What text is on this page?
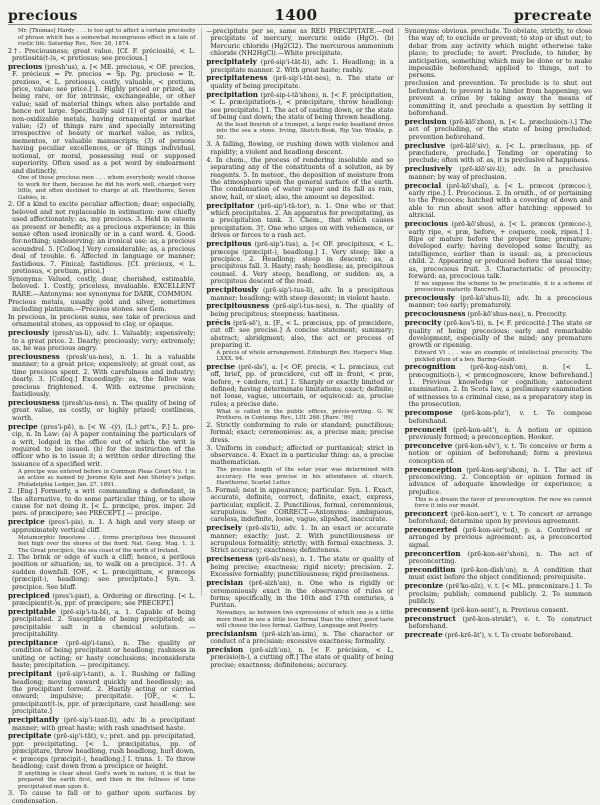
precious	1400	precreate
Mr. [Thomas] Hardy . . . is too apt to affect a certain preciosity of phrase which has a somewhat incongruous effect in a tale of rustic life. Saturday Rev., Nov. 28, 1874.
2†. Preciousness; great value. [Cf. F. préciosité, < L. pretiositá(t-)s, < pretiosus; see precious.]
precious (presh'us), a. [< ME. precious, < OF. precios, F. précieux = Pr. precios = Sp. Pg. precioso = It. prezioso, < L. pretiosus, costly, valuable, < pretium, price, value: see price.] 1. Highly priced or prized, as being rare, or for intrinsic, exchangeable, or other value; said of material things when also portable and hence not large. Specifically said (1) of gems and the non-oxidizable metals, having ornamental or market value; (2) of things rare and specially interesting irrespective of beauty or market value, as relics, mementos, or valuable manuscripts; (3) of persons having peculiar excellences, or of things individual, notional, or moral, possessing real or supposed superiority. Often used as a pet word by endearment and distinctly.
One of those precious men . . . whom everybody would choose to work for them, because he did his work well, charged very little, and often declined to charge at all. Hawthorne, Seven Gables, ix.
2. Of a kind to excite peculiar affection; dear; especially, beloved and not replaceable in estimation: now chiefly used affectionately: as, my precious. 3. Held in esteem as present or benefit; as a precious experience; in this sense often used ironically or in a cant word. 4. Good-for-nothing; undeserving; an ironical use: as, a precious scoundrel. 5. [Colloq.] Very considerable; as, a precious deal of trouble. 6. Affected in language or manner; fastidious. 7. Finical; fastidious. [Cf. précieux, < L. pretiosus, < pretium, price.]
Synonyms: Valued, costly, dear, cherished, estimable, beloved. 1. Costly, priceless, invaluable. EXCELLENT RARE.—Antonyms: see synonyms for DARK, COMMON.
Precious metals, usually gold and silver, sometimes including platinum.—Precious stones. see Gem.
In precious, in precious sums, see take of precious and ornamental stones, as opposed to clay, or opaque.
preciously (presh'us-li), adv. 1. Valuably; expensively; to a great price. 2. Dearly; preciously; very; extremely; as, he was precious angry.
preciousness (presh'us-nes), n. 1. In a valuable manner; to a great price; expensively; at great cost, as time precious spent. 2. With carefulness and industry; dearly. 3. [Colloq.] Exceedingly: as, the fellow was precious frightened. 4. With extreme precision; fastidiously.
preciousness (presh'us-nes), n. The quality of being of great value, as costly, or highly prized; costliness, worth.
precipe (pres'i-pē), n. [< W. -(ý), (L.) prt's., F.] L. pre-cip, n. In Law: (a) A paper containing the particulars of a writ, lodged in the office out of which the writ is required to be issued. (b) for the instruction of the officer who is to issue it; a written order directing the issuance of a specified writ.
A precipe was entered before in Common Pleas Court No. 1 in an action as named by Jerome Kyle and Ann Shirley's judge. Philadelphia Ledger, Jan. 27, 1891.
2. [Eng.] Formerly, a writ commanding a defendant, in the alternative, to do some particular thing, or to show cause for not doing it. [< L. præcipe, pres. imper. 2d pers. of præcipere; see PRECEPT.] — precipe.
precipice (pres'i-pis), n. 1. A high and very steep or approximately vertical cliff.
Metamorphic limestone . . . forms precipitous two thousand feet high over the shores of the fiord. Nat. Geog. Mag. 1. 3. The Great precipice, the sea coast of the north of Ireland.
2. The brink or edge of such a cliff; hence, a perilous position or situation; as, to walk on a precipice. 3†. A sudden downfall. [OF., < L. præcipitium, < præceps (præcipit-), headlong: see precipitate.] Syn. 3. precipice. See bluff.
precipiced (pres'i-pist), a. Ordering or directing. [< L. præcipient(t-)s, ppr. of præcipere, see PRECEPT.]
precipitable (prē-sip'i-ta-bl), a. 1. Capable of being precipitated. 2. Susceptible of being precipitated; as precipitable salt in a chemical solution. — precipitability.
precipitance (prē-sip'i-tans), n. The quality or condition of being precipitant or headlong; rashness in uniting or acting; or hasty conclusions; inconsiderate haste; precipitation. — precipitancy.
precipitant (prē-sip'i-tant), a. 1. Rushing or falling headlong; moving onward quickly and heedlessly; as, the precipitant torrent. 2. Hastily acting or carried onward; impulsive; precipitate. [OF., < L. præcipitant(t-)s, ppr. of præcipitare, cast headlong: see precipitate.]
precipitantly (prē-sip'i-tant-li), adv. In a precipitant manner; with great haste; with rash unadvised haste.
precipitate (prē-sip'i-tāt), v.; pret. and pp. precipitated, ppr. precipitating. [< L. præcipitatus, pp. of præcipitare, throw headlong, rush headlong, hurl down, < præceps (præcipit-), headlong.] I. trans. 1. To throw headlong; cast down from a precipice or height.
If anything is clear about God's work in nature, it is that he prepared the earth first, and then in the fullness of time precipitated man upon it.
3. To cause to fall or to gather upon surfaces by condensation.
—precipitate per se, same as RED PRECIPITATE.—red precipitate of mercury, mercuric oxide (HgO). (b) Mercuric chloride (Hg2Cl2). The mercurous ammonium chloride (NH2HgCl).—White precipitate.
precipitately (prē-sip'i-tāt-li), adv. 1. Headlong; in a precipitate manner. 2. With great haste; rashly.
precipitateness (prē-sip'i-tāt-nes), n. The state or quality of being precipitate.
precipitation (prē-sip-i-tā'shon), n. [< F. précipitation, < L. præcipitatio(n-), < præcipitare, throw headlong: see precipitate.] 1. The act of casting down, or the state of being cast down; the state of being thrown headlong.
At the loud flourish of a trumpet, a large rocky headland drove into the sea a stone. Irving, Sketch-Book, Rip Van Winkle, p. 50.
3. A falling, flowing, or rushing down with violence and rapidity; a violent and headlong descent.
4. In chem., the process of rendering insoluble and so separating any of the constituents of a solution, as by reagents. 5. In meteor., the deposition of moisture from the atmosphere upon the general surface of the earth. The condensation of water vapor and its fall as rain, snow, hail, or sleet; also, the amount so deposited.
precipitator (prē-sip'i-tā-tor), n. 1. One who or that which precipitates. 2. An apparatus for precipitating, as a precipitation tank. 3. Chem., that which causes precipitation. 3†. One who urges on with vehemence, or drives or forces to a rash act.
precipitous (prē-sip'i-tus), a. [< OF. precipiteux, < L. præceps (præcipit-), headlong.] 1. Very steep; like a precipice. 2. Headlong; steep in descent; as, a precipitous fall. 3. Hasty; rash; heedless; as, precipitous counsel. 4. Very steep, headlong, or sudden: as, a precipitous descent of the road.
precipitously (prē-sip'i-tus-li), adv. In a precipitous manner; headlong; with steep descent; in violent haste.
precipitousness (prē-sip'i-tus-nes), n. The quality of being precipitous; steepness; hastiness.
précis (prā-sē'), n. [F., < L. præcisus, pp. of præcidere, cut off: see precise.] A concise statement; summary; abstract; abridgment; also, the act or process of preparing it.
A précis of whole arrangement. Edinburgh Rev. Harper's Mag. LXXX. 94.
precise (prē-sīs'), a. [< OF. precis, < L. præcisus, cut off, brief, pp. of præcidere, cut off in front, < præ, before, + cædere, cut.] 1. Sharply or exactly limited or defined; having determinate limitations; exact; definite; not loose, vague, uncertain, or equivocal: as, precise rules; a precise date.
What is called in the public offices, précis-writing. G. W. Prothero, in Contemp. Rev., LIII. 268. [Rare. '99]
2. Strictly conforming to rule or standard; punctilious; formal; exact; ceremonious: as, a precise man; precise dress.
3. Uniform in conduct; affected or puritanical; strict in observance. 4. Exact in a particular thing: as, a precise mathematician.
The precise length of the solar year was determined with accuracy. He was precise in his attendance at church. Hawthorne, Scarlet Letter.
5. Formal; neat in appearance; particular. Syn. 1. Exact, accurate, definite, correct, definite, exact, express, particular, explicit. 2. Punctilious, formal, ceremonious, scrupulous. See CORRECT.—Antonyms: ambiguous, careless, indefinite, loose, vague, slipshod, inaccurate.
precisely (prē-sīs'li), adv. 1. In an exact or accurate manner; exactly; just. 2. With punctiliousness or scrupulous formality; strictly; with formal exactness. 3. Strict accuracy; exactness; definiteness.
preciseness (prē-sīs'nes), n. 1. The state or quality of being precise; exactness; rigid nicety; precision. 2. Excessive formality; punctiliousness; rigid preciseness.
precisian (prē-sizh'an), n. One who is rigidly or ceremoniously exact in the observance of rules or forms; specifically, in the 16th and 17th centuries, a Puritan.
Nowadays, as between two expressions of which one is a little more fixed in use a little less formal than the other, good taste will choose the less formal. Gaffney, Language and Poetry.
precisianism (prē-sizh'an-izm), n. The character or conduct of a precisian; excessive exactness; formality.
precision (prē-sizh'on), n. [< F. précision, < L. præcisio(n-), a cutting off.] The state or quality of being precise; exactness; definiteness; accuracy.
Synonyms: obvious. preclude. To obviate, strictly, to close the way of; to exclude or prevent; to stop or shut out; to debar from any activity which might otherwise take place; to preclude; to avert. Preclude, to hinder, by anticipation, something which may be done or to make impossible beforehand; applied to things, not to persons.
preclusion and prevention. To preclude is to shut out beforehand; to prevent is to hinder from happening; we prevent a crime by taking away the means of committing it, and preclude a question by settling it beforehand.
preclusion (prē-klō'zhon), n. [< L. præclusio(n-).] The act of precluding, or the state of being precluded; prevention beforehand.
preclusive (prē-klō'siv), a. [< L. præclusus, pp. of præcludere, preclude.] Tending or operating to preclude; often with of. as, it is preclusive of happiness.
preclusively (prē-klō'siv-li), adv. In a preclusive manner; by way of preclusion.
precocial (prē-kō'shal), a. [< L. præcox (præcoc-), early ripe.] 1. Precocious. 2. In ornith., of or pertaining to the Præcoces; hatched with a covering of down and able to run about soon after hatching: opposed to altricial.
precocious (prē-kō'shus), a. [< L. præcox (præcoc-), early ripe, < præ, before, + coquere, cook, ripen.] 1. Ripe or mature before the proper time; premature; developed early; having developed some faculty, as intelligence, earlier than is usual: as, a precocious child. 2. Appearing or produced before the usual time; as, precocious fruit. 3. Characteristic of precocity; forward: as, precocious talk.
If we suppose the scheme to be practicable, it is a scheme of precocious maturity. Bancroft.
precociously (prē-kō'shus-li), adv. In a precocious manner; too early; prematurely.
precociousness (prē-kō'shus-nes), n. Precocity.
precocity (prē-kos'i-ti), n. [< F. précocité.] The state or quality of being precocious; early and remarkable development, especially of the mind; any premature growth or ripening.
Edward VI . . . was an example of intellectual precocity. The pickled plum of a boy. Baring-Gould.
precognition (prē-kog-nish'on), n. [< L. præcognitio(n-), < præcognoscere, know beforehand.] 1. Previous knowledge or cognition; antecedent examination. 2. In Scots law, a preliminary examination of witnesses to a criminal case, as a preparatory step in the prosecution.
precompose (prē-kom-pōz'), v. t. To compose beforehand.
preconceit (prē-kon-sēt'), n. A notion or opinion previously formed; a preconception. Hooker.
preconceive (prē-kon-sēv'), v. t. To conceive or form a notion or opinion of beforehand; form a previous conception of.
preconception (prē-kon-sep'shon), n. 1. The act of preconceiving. 2. Conception or opinion formed in advance of adequate knowledge or experience; a prejudice.
This is a dream the favor of preconception. For now we cannot force it into our mould.
preconcert (prē-kon-sert'), v. t. To concert or arrange beforehand; determine upon by previous agreement.
preconcerted (prē-kon-sėr'ted), p. a. Contrived or arranged by previous agreement: as, a preconcerted signal.
preconcertion (prē-kon-sėr'shon), n. The act of preconcerting.
precondition (prē-kon-dish'on), n. A condition that must exist before the object conditioned; prerequisite.
preconize (prē'ko-nīz), v. t. [< ML. præconizare.] 1. To proclaim; publish; commend publicly. 2. To summon publicly.
preconsent (prē-kon-sent'), n. Previous consent.
preconstruct (prē-kon-strukt'), v. t. To construct beforehand.
precreate (prē-krē-āt'), v. t. To create beforehand.
